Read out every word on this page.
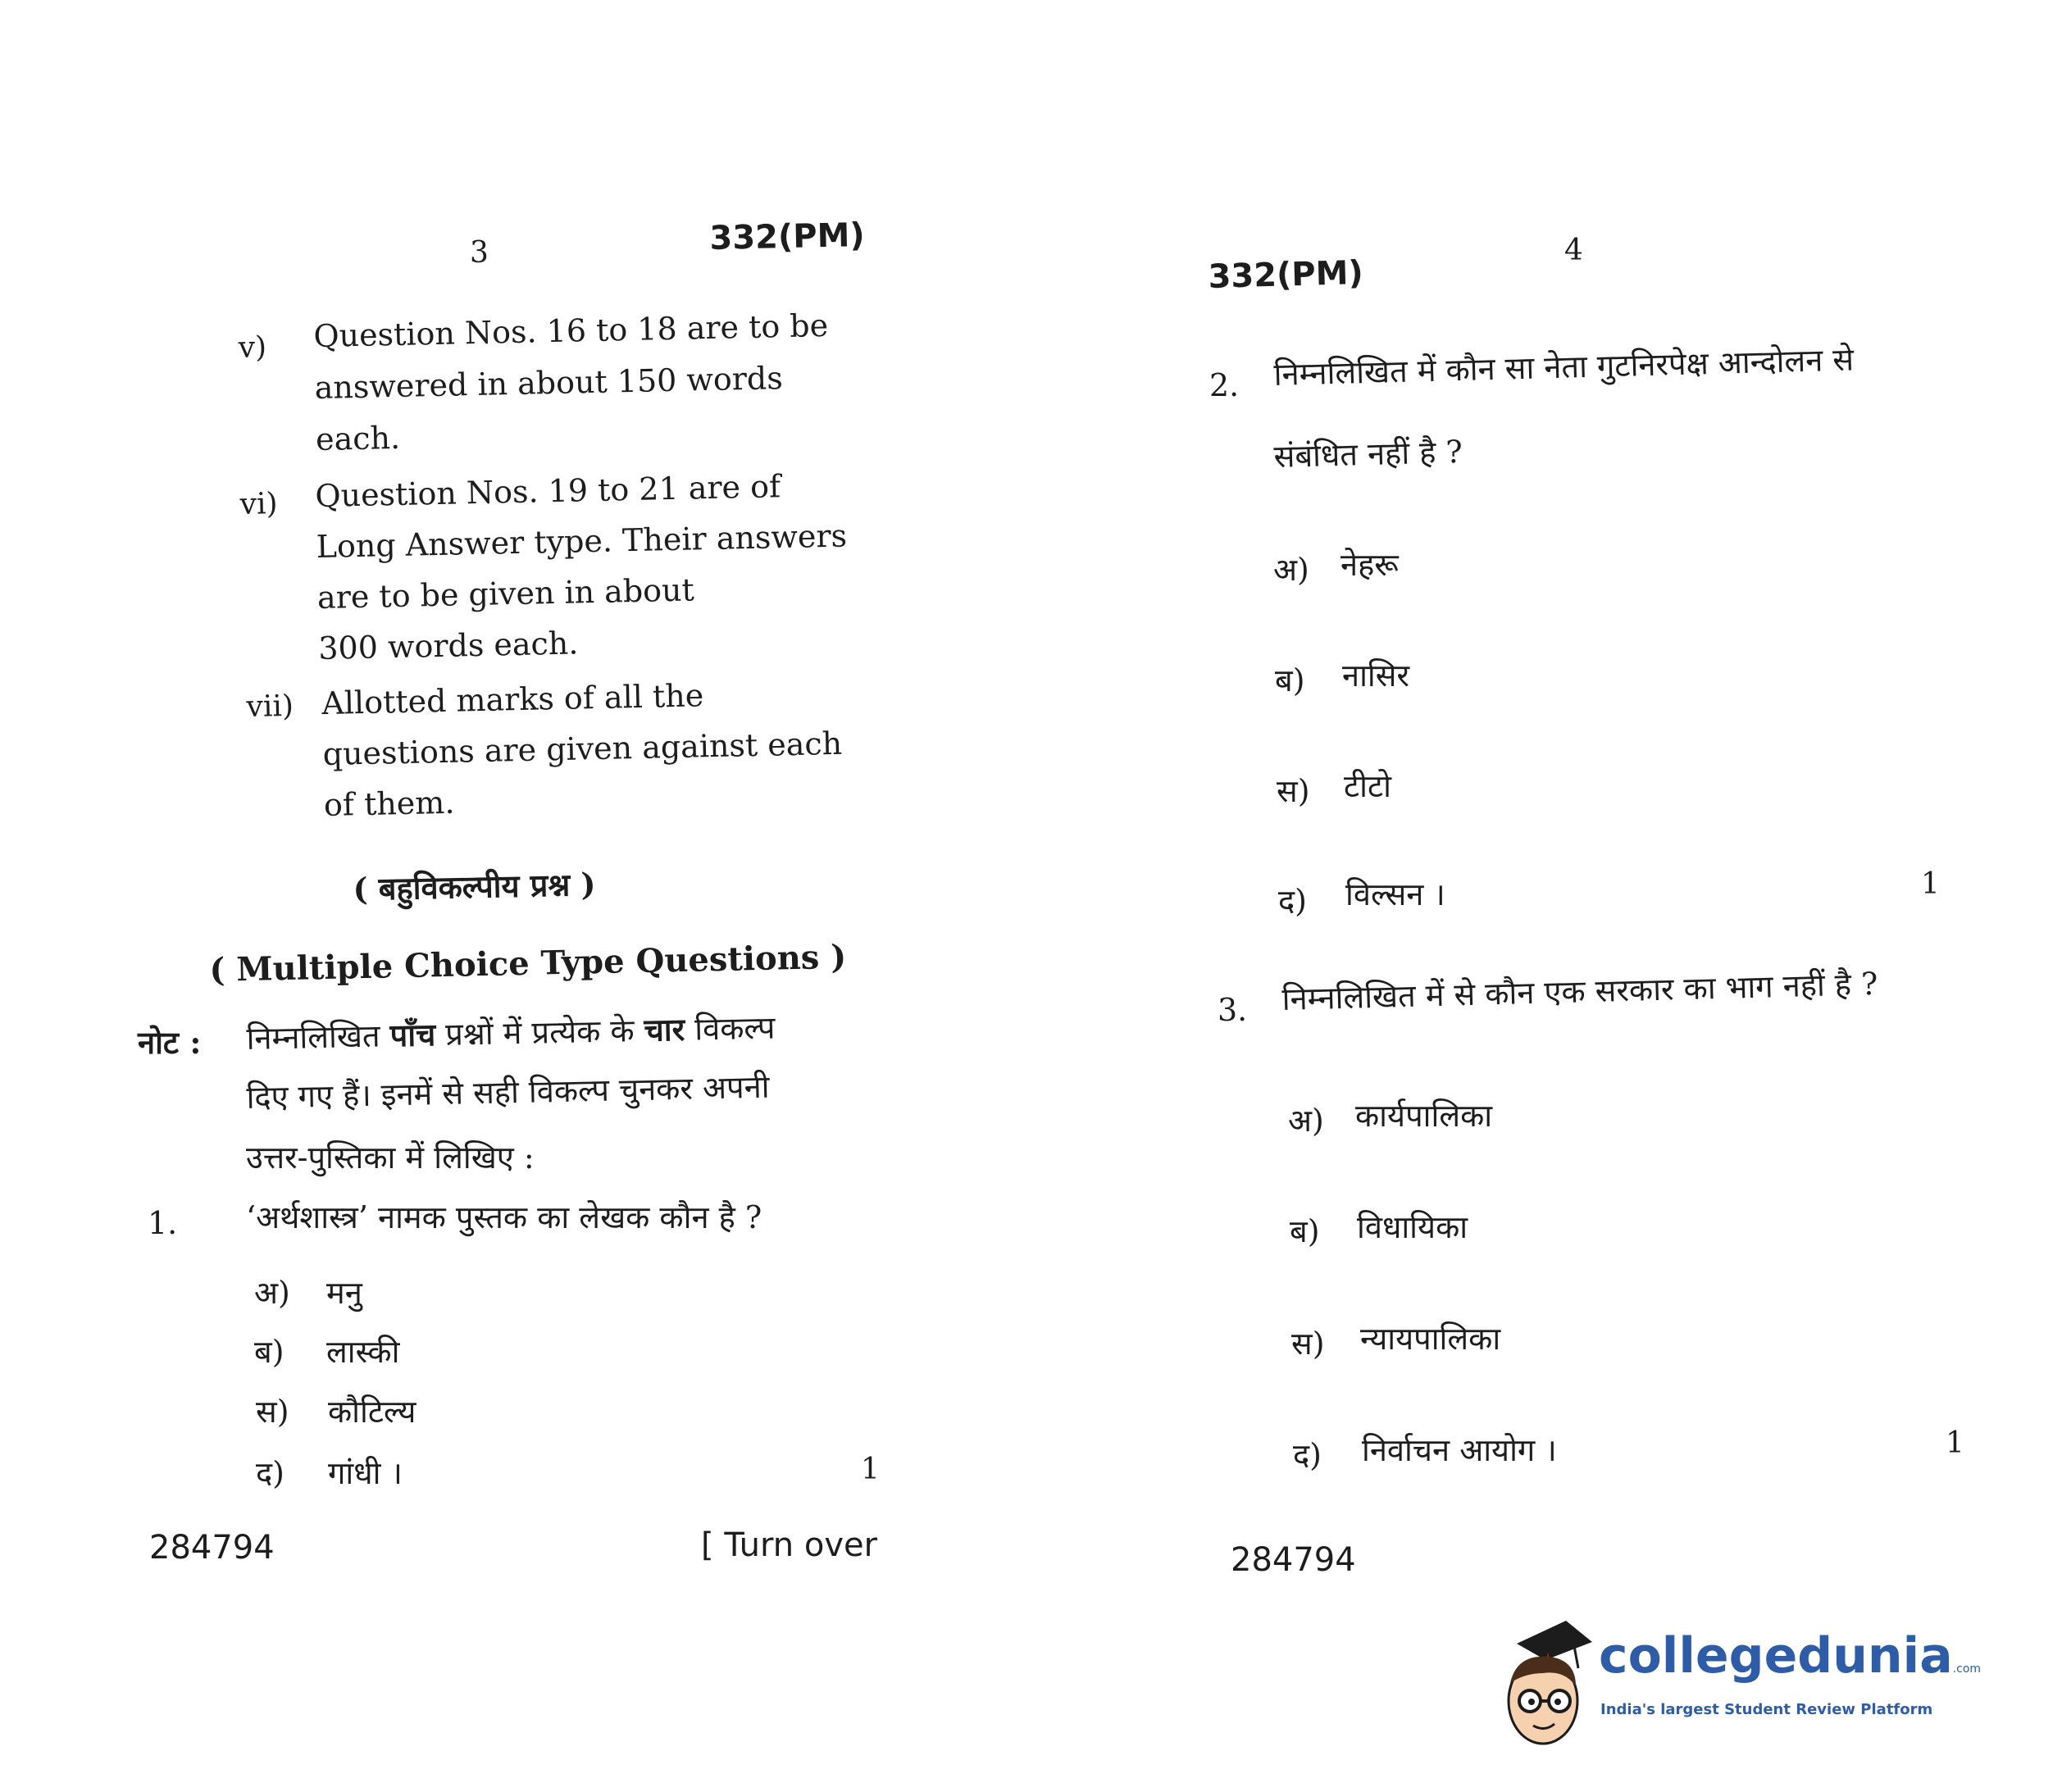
3	332(PM)
v) Question Nos. 16 to 18 are to be
answered in about 150 words
each.
vi) Question Nos. 19 to 21 are of
Long Answer type. Their answers
are to be given in about
300 words each.
vii) Allotted marks of all the
questions are given against each
of them.
( बहुविकल्पीय प्रश्न )
( Multiple Choice Type Questions )
नोट : निम्नलिखित पाँच प्रश्नों में प्रत्येक के चार विकल्प
दिए गए हैं। इनमें से सही विकल्प चुनकर अपनी
उत्तर-पुस्तिका में लिखिए :
1. ‘अर्थशास्त्र’ नामक पुस्तक का लेखक कौन है ?
अ) मनु
ब) लास्की
स) कौटिल्य
द) गांधी ।	1
284794	[ Turn over
4
332(PM)
2. निम्नलिखित में कौन सा नेता गुटनिरपेक्ष आन्दोलन से
संबंधित नहीं है ?
अ) नेहरू
ब) नासिर
स) टीटो
द) विल्सन ।	1
3. निम्नलिखित में से कौन एक सरकार का भाग नहीं है ?
अ) कार्यपालिका
ब) विधायिका
स) न्यायपालिका
द) निर्वाचन आयोग ।	1
284794
collegedunia.com
India's largest Student Review Platform
